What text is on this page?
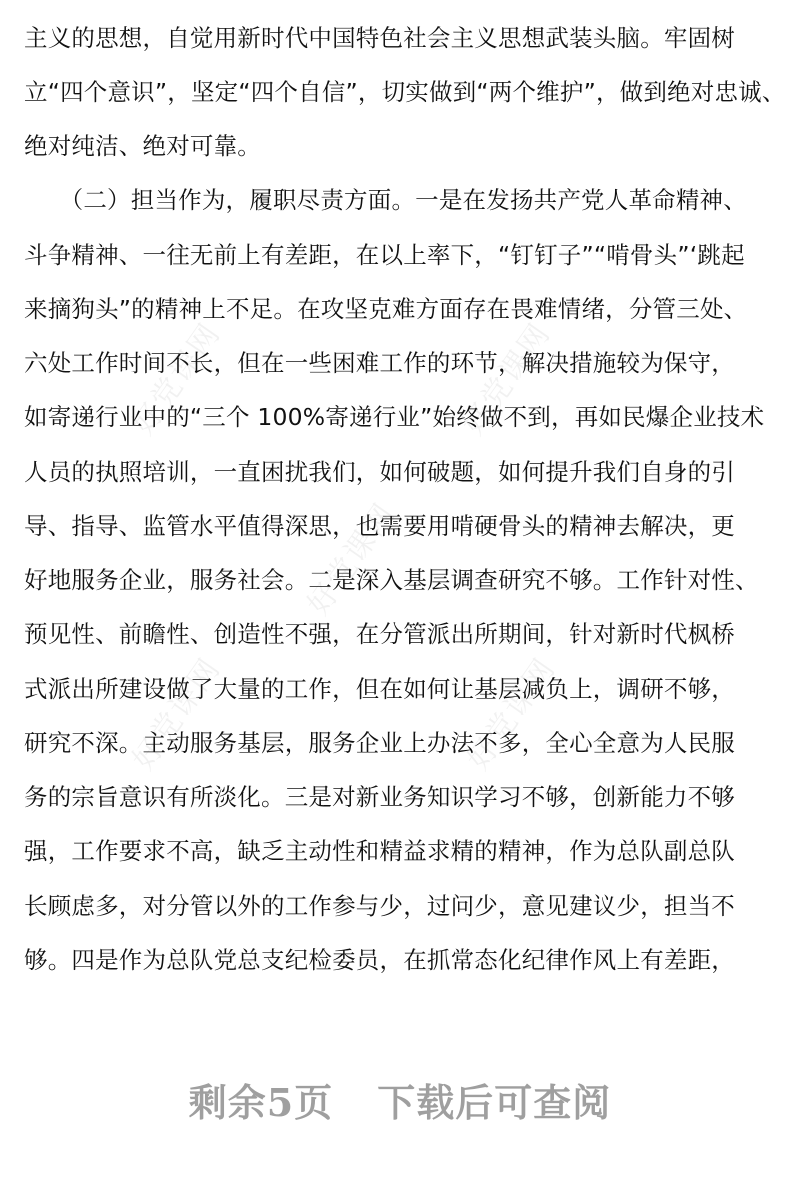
好党课网	好党课网
好党课网
好党课网	好党课网
主义的思想，自觉用新时代中国特色社会主义思想武装头脑。牢固树
立“四个意识”，坚定“四个自信”，切实做到“两个维护”，做到绝对忠诚、
绝对纯洁、绝对可靠。
　　（二）担当作为，履职尽责方面。一是在发扬共产党人革命精神、
斗争精神、一往无前上有差距，在以上率下，“钉钉子”“啃骨头”‘跳起
来摘狗头”的精神上不足。在攻坚克难方面存在畏难情绪，分管三处、
六处工作时间不长，但在一些困难工作的环节，解决措施较为保守，
如寄递行业中的“三个 100%寄递行业”始终做不到，再如民爆企业技术
人员的执照培训，一直困扰我们，如何破题，如何提升我们自身的引
导、指导、监管水平值得深思，也需要用啃硬骨头的精神去解决，更
好地服务企业，服务社会。二是深入基层调查研究不够。工作针对性、
预见性、前瞻性、创造性不强，在分管派出所期间，针对新时代枫桥
式派出所建设做了大量的工作，但在如何让基层减负上，调研不够，
研究不深。主动服务基层，服务企业上办法不多，全心全意为人民服
务的宗旨意识有所淡化。三是对新业务知识学习不够，创新能力不够
强，工作要求不高，缺乏主动性和精益求精的精神，作为总队副总队
长顾虑多，对分管以外的工作参与少，过问少，意见建议少，担当不
够。四是作为总队党总支纪检委员，在抓常态化纪律作风上有差距，
剩余5页 下载后可查阅
